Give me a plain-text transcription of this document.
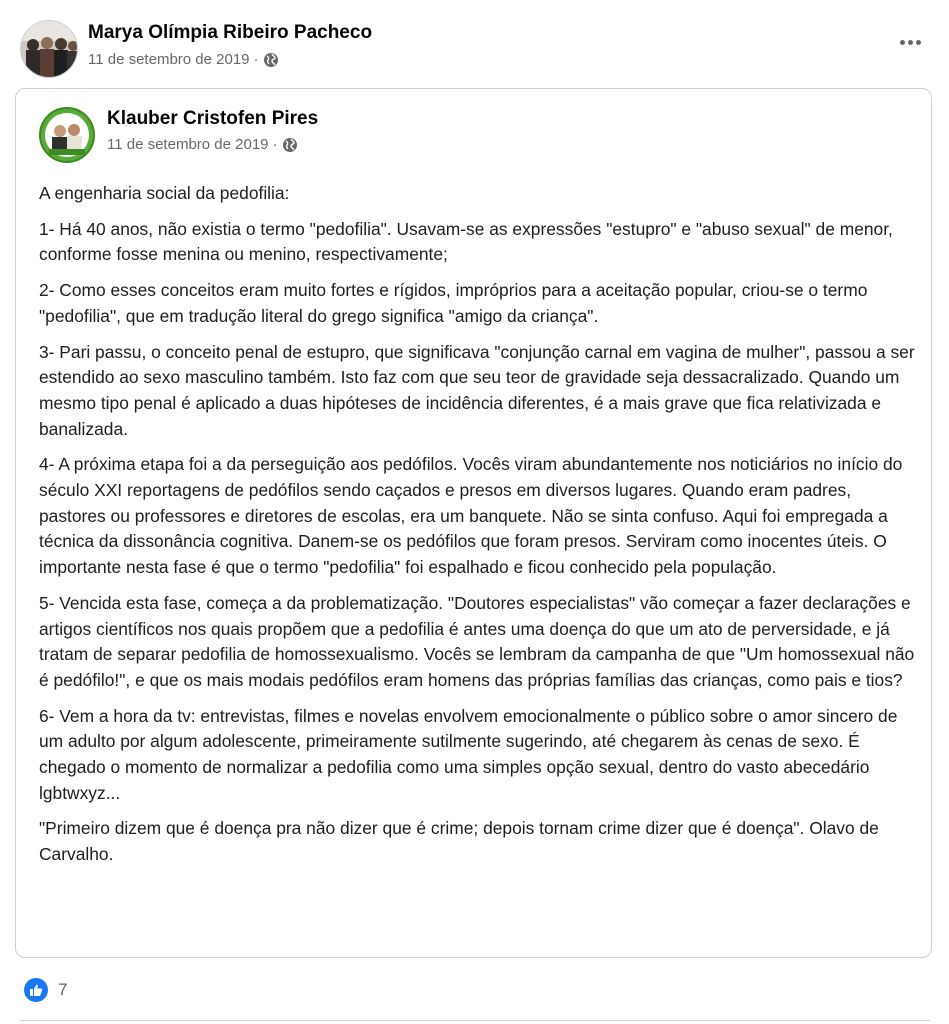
Marya Olímpia Ribeiro Pacheco
11 de setembro de 2019 ·
Klauber Cristofen Pires
11 de setembro de 2019 ·

A engenharia social da pedofilia:

1- Há 40 anos, não existia o termo "pedofilia". Usavam-se as expressões "estupro" e "abuso sexual" de menor, conforme fosse menina ou menino, respectivamente;

2- Como esses conceitos eram muito fortes e rígidos, impróprios para a aceitação popular, criou-se o termo "pedofilia", que em tradução literal do grego significa "amigo da criança".

3- Pari passu, o conceito penal de estupro, que significava "conjunção carnal em vagina de mulher", passou a ser estendido ao sexo masculino também. Isto faz com que seu teor de gravidade seja dessacralizado. Quando um mesmo tipo penal é aplicado a duas hipóteses de incidência diferentes, é a mais grave que fica relativizada e banalizada.

4- A próxima etapa foi a da perseguição aos pedófilos. Vocês viram abundantemente nos noticiários no início do século XXI reportagens de pedófilos sendo caçados e presos em diversos lugares. Quando eram padres, pastores ou professores e diretores de escolas, era um banquete. Não se sinta confuso. Aqui foi empregada a técnica da dissonância cognitiva. Danem-se os pedófilos que foram presos. Serviram como inocentes úteis. O importante nesta fase é que o termo "pedofilia" foi espalhado e ficou conhecido pela população.

5- Vencida esta fase, começa a da problematização. "Doutores especialistas" vão começar a fazer declarações e artigos científicos nos quais propõem que a pedofilia é antes uma doença do que um ato de perversidade, e já tratam de separar pedofilia de homossexualismo. Vocês se lembram da campanha de que "Um homossexual não é pedófilo!", e que os mais modais pedófilos eram homens das próprias famílias das crianças, como pais e tios?

6- Vem a hora da tv: entrevistas, filmes e novelas envolvem emocionalmente o público sobre o amor sincero de um adulto por algum adolescente, primeiramente sutilmente sugerindo, até chegarem às cenas de sexo. É chegado o momento de normalizar a pedofilia como uma simples opção sexual, dentro do vasto abecedário lgbtwxyz...

"Primeiro dizem que é doença pra não dizer que é crime; depois tornam crime dizer que é doença". Olavo de Carvalho.

7
